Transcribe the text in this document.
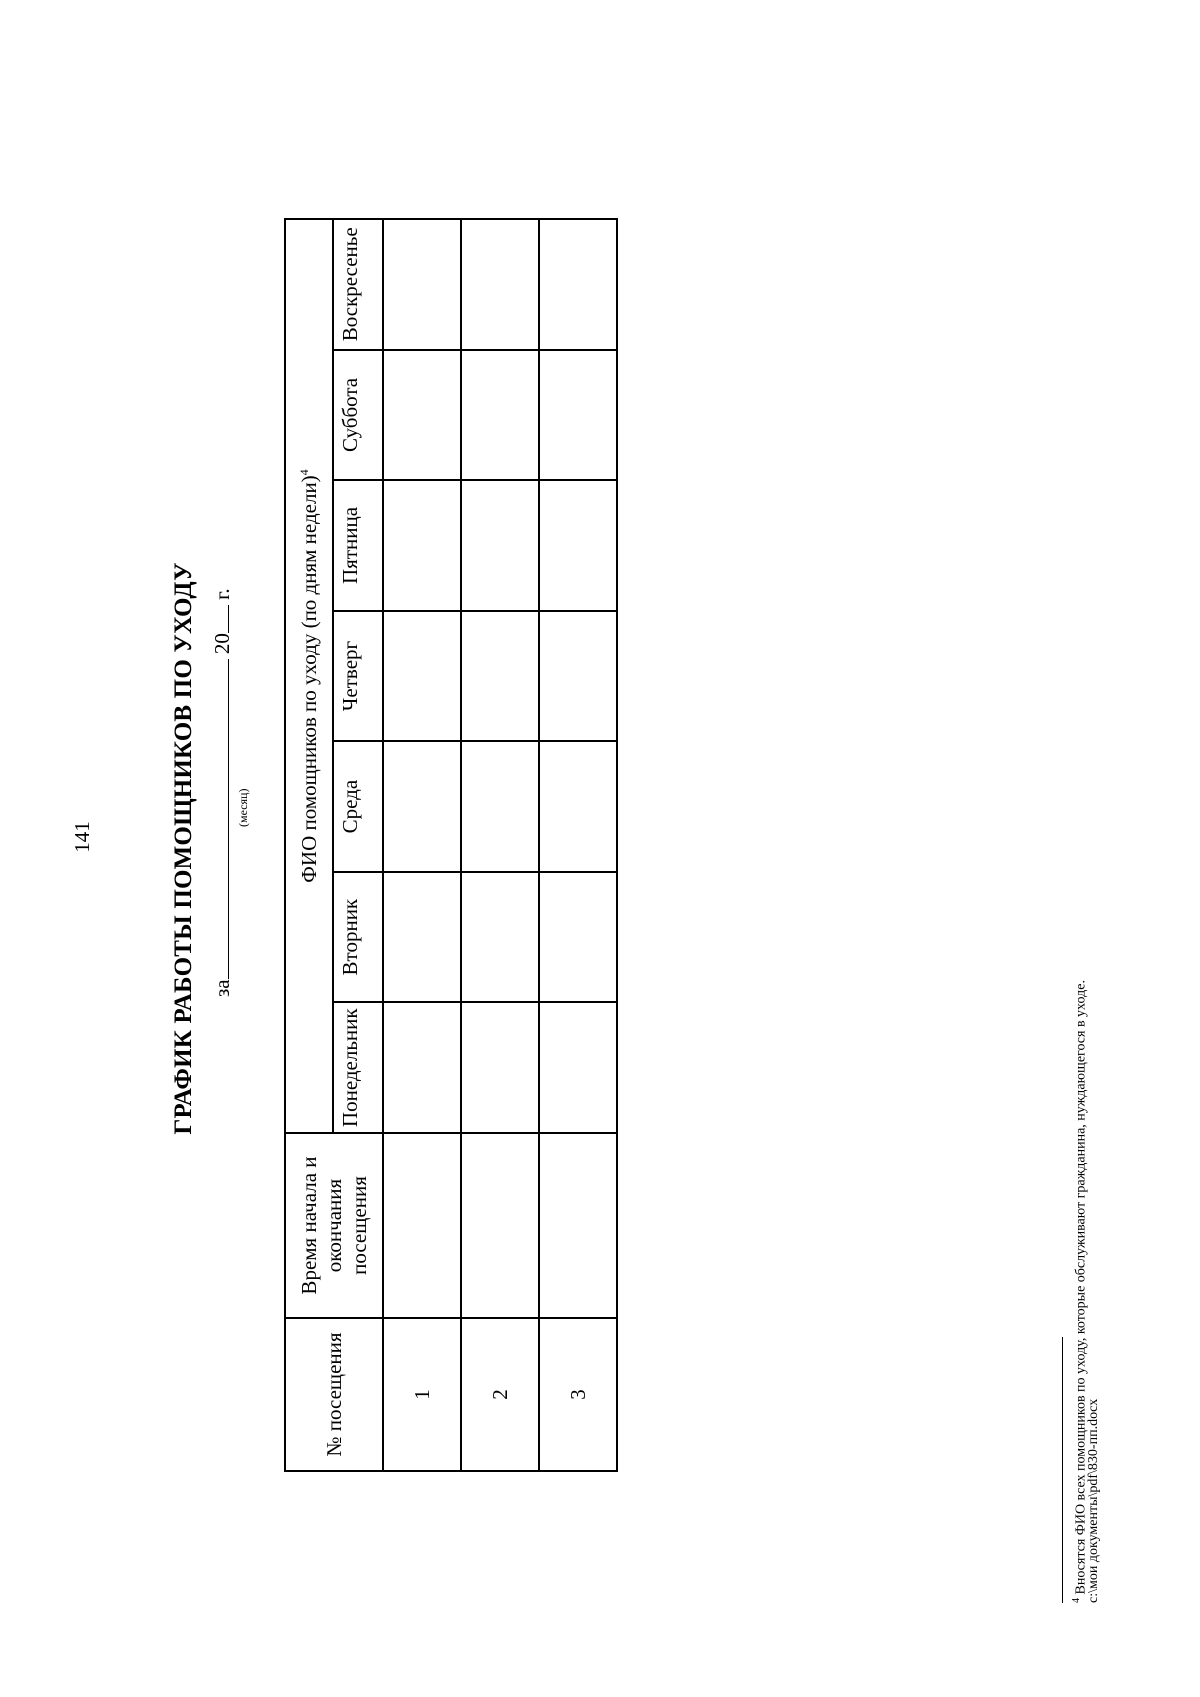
141	ГРАФИК РАБОТЫ ПОМОЩНИКОВ ПО УХОДУ за 20 г.
(месяц)
№ посещения	Время начала и окончания посещения	ФИО помощников по уходу (по дням недели)$^4$
		Понедельник	Вторник	Среда	Четверг	Пятница	Суббота	Воскресенье
1								
2								
3								
$^4$ Вносятся ФИО всех помощников по уходу, которые обслуживают гражданина, нуждающегося в уходе.
c:\мои документы\pdf\830-пп.docx
